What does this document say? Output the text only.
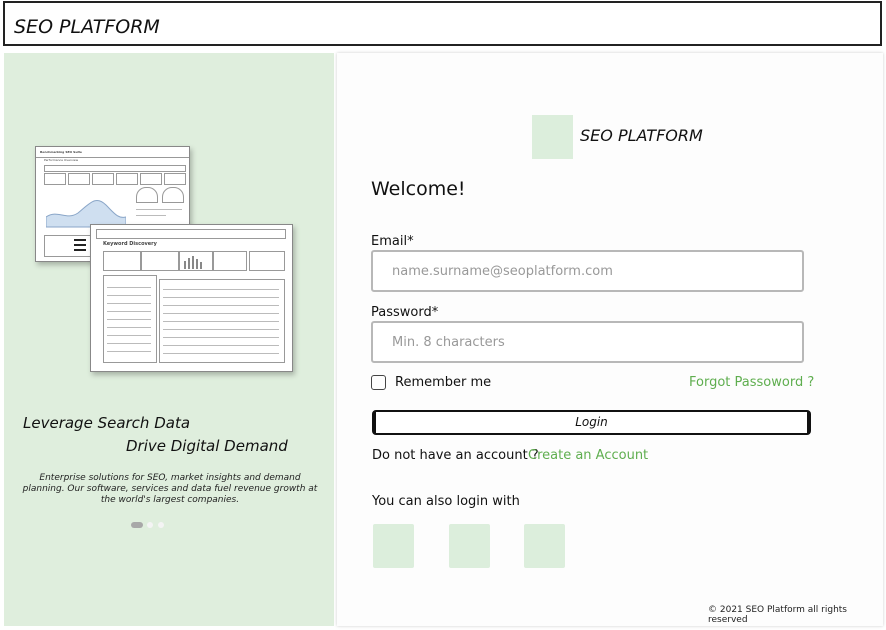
SEO PLATFORM
Benchmarking SEO Suite
Performance Overview
Keyword Discovery
Leverage Search Data
Drive Digital Demand
Enterprise solutions for SEO, market insights and demand planning. Our software, services and data fuel revenue growth at the world's largest companies.
SEO PLATFORM
Welcome!
Email*
name.surname@seoplatform.com
Password*
Min. 8 characters
Remember me	Forgot Passoword ?
Login
Do not have an account ?
Create an Account
You can also login with
© 2021 SEO Platform all rights reserved
